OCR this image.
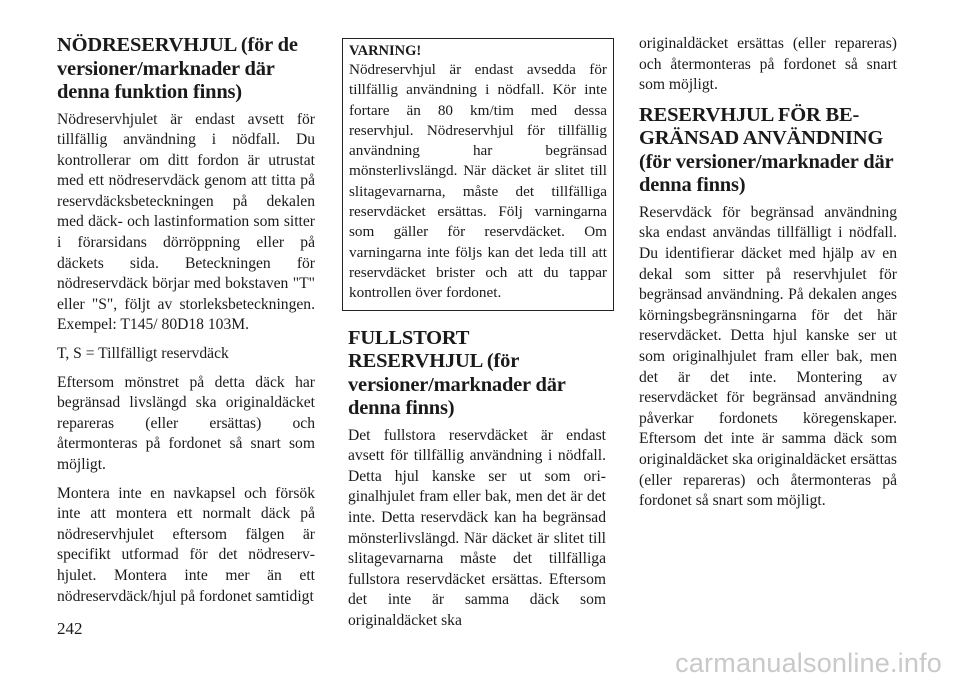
NÖDRESERVHJUL (för de versioner/marknader där denna funktion finns)

Nödreservhjulet är endast avsett för tillfällig användning i nödfall. Du kontrollerar om ditt fordon är utrustat med ett nödreservdäck genom att titta på reservdäcksbeteckningen på dekalen med däck- och lastinformation som sitter i förarsidans dörröppning eller på däckets sida. Beteckningen för nödreservdäck börjar med bokstaven "T" eller "S", följt av storleksbeteckningen. Exempel: T145/ 80D18 103M.

T, S = Tillfälligt reservdäck

Eftersom mönstret på detta däck har begränsad livslängd ska originaldäcket repareras (eller ersättas) och återmonteras på fordonet så snart som möjligt.

Montera inte en navkapsel och försök inte att montera ett normalt däck på nödreservhjulet eftersom fälgen är specifikt utformad för det nödreservhjulet. Montera inte mer än ett nödreservdäck/hjul på fordonet samtidigt

VARNING!
Nödreservhjul är endast avsedda för tillfällig användning i nödfall. Kör inte fortare än 80 km/tim med dessa reservhjul. Nödreservhjul för tillfällig användning har begränsad mönsterlivslängd. När däcket är slitet till slitagevarnarna, måste det tillfälliga reservdäcket ersättas. Följ varningarna som gäller för reservdäcket. Om varningarna inte följs kan det leda till att reservdäcket brister och att du tappar kontrollen över fordonet.
FULLSTORT RESERVHJUL (för versioner/marknader där denna finns)

Det fullstora reservdäcket är endast avsett för tillfällig användning i nödfall. Detta hjul kanske ser ut som originalhjulet fram eller bak, men det är det inte. Detta reservdäck kan ha begränsad mönsterlivslängd. När däcket är slitet till slitagevarnarna måste det tillfälliga fullstora reservdäcket ersättas. Eftersom det inte är samma däck som originaldäcket ska

originaldäcket ersättas (eller repareras) och återmonteras på fordonet så snart som möjligt.

RESERVHJUL FÖR BEGRÄNSAD ANVÄNDNING (för versioner/marknader där denna finns)

Reservdäck för begränsad användning ska endast användas tillfälligt i nödfall. Du identifierar däcket med hjälp av en dekal som sitter på reservhjulet för begränsad användning. På dekalen anges körningsbegränsningarna för det här reservdäcket. Detta hjul kanske ser ut som originalhjulet fram eller bak, men det är det inte. Montering av reservdäcket för begränsad användning påverkar fordonets köregenskaper. Eftersom det inte är samma däck som originaldäcket ska originaldäcket ersättas (eller repareras) och återmonteras på fordonet så snart som möjligt.

242
carmanualsonline.info
